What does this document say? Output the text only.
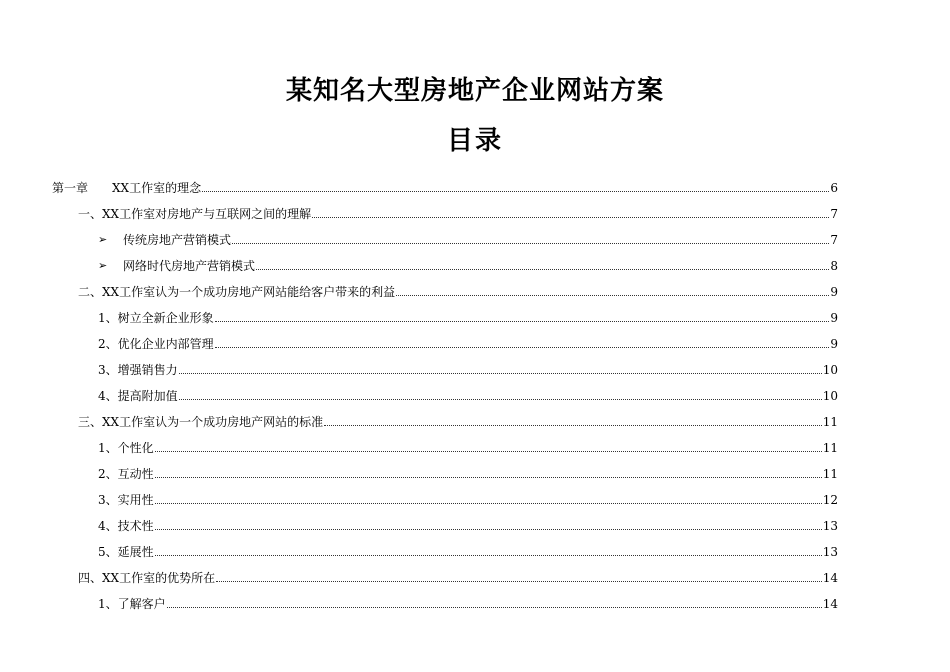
某知名大型房地产企业网站方案
目录
第一章	XX工作室的理念	6
一、XX工作室对房地产与互联网之间的理解	7
➢	传统房地产营销模式	7
➢	网络时代房地产营销模式	8
二、XX工作室认为一个成功房地产网站能给客户带来的利益	9
1、树立全新企业形象	9
2、优化企业内部管理	9
3、增强销售力	10
4、提高附加值	10
三、XX工作室认为一个成功房地产网站的标准	11
1、个性化	11
2、互动性	11
3、实用性	12
4、技术性	13
5、延展性	13
四、XX工作室的优势所在	14
1、了解客户	14
